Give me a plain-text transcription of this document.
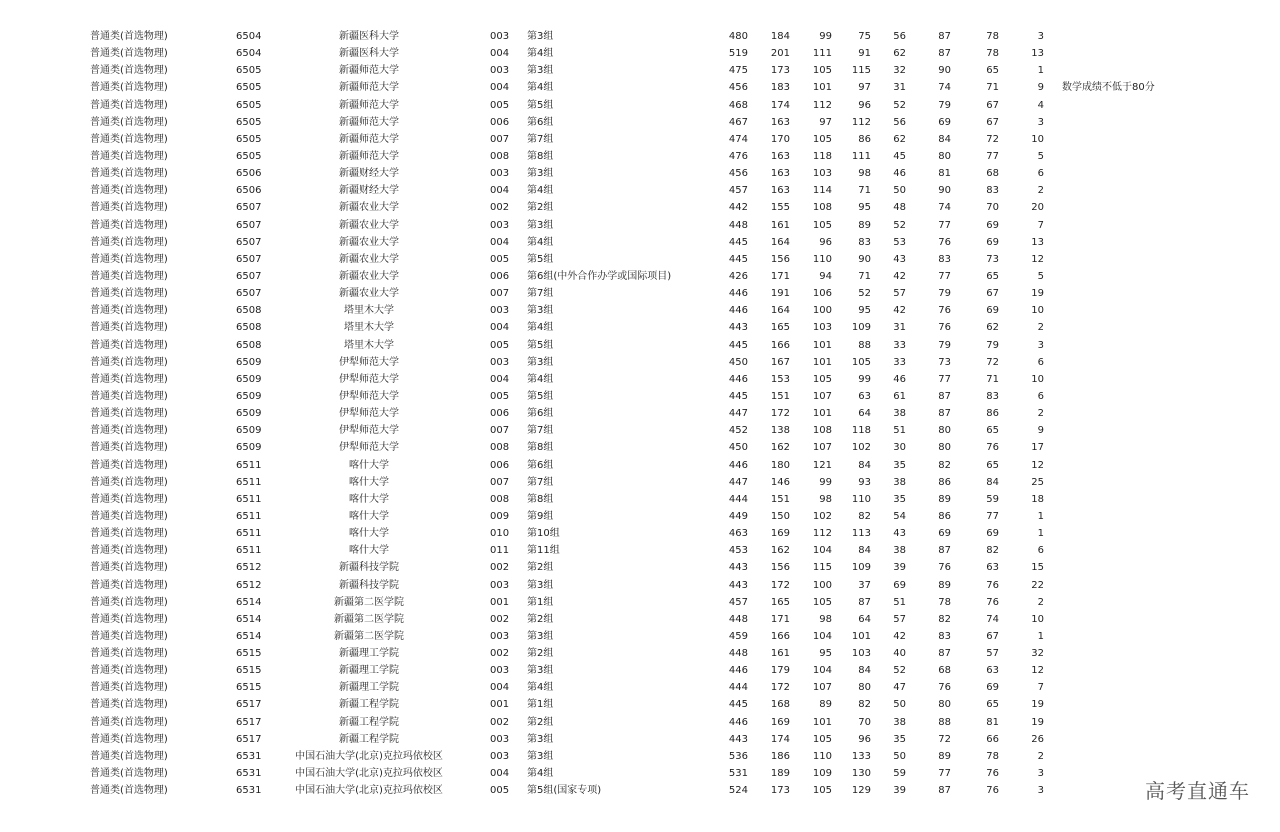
普通类(首选物理)	6504	新疆医科大学	003 第3组	480	184	99	75	56	87	78	3
普通类(首选物理)	6504	新疆医科大学	004 第4组	519	201	111	91	62	87	78	13
普通类(首选物理)	6505	新疆师范大学	003 第3组	475	173	105	115	32	90	65	1
普通类(首选物理)	6505	新疆师范大学	004 第4组	456	183	101	97	31	74	71	9 数学成绩不低于80分
普通类(首选物理)	6505	新疆师范大学	005 第5组	468	174	112	96	52	79	67	4
普通类(首选物理)	6505	新疆师范大学	006 第6组	467	163	97	112	56	69	67	3
普通类(首选物理)	6505	新疆师范大学	007 第7组	474	170	105	86	62	84	72	10
普通类(首选物理)	6505	新疆师范大学	008 第8组	476	163	118	111	45	80	77	5
普通类(首选物理)	6506	新疆财经大学	003 第3组	456	163	103	98	46	81	68	6
普通类(首选物理)	6506	新疆财经大学	004 第4组	457	163	114	71	50	90	83	2
普通类(首选物理)	6507	新疆农业大学	002 第2组	442	155	108	95	48	74	70	20
普通类(首选物理)	6507	新疆农业大学	003 第3组	448	161	105	89	52	77	69	7
普通类(首选物理)	6507	新疆农业大学	004 第4组	445	164	96	83	53	76	69	13
普通类(首选物理)	6507	新疆农业大学	005 第5组	445	156	110	90	43	83	73	12
普通类(首选物理)	6507	新疆农业大学	006 第6组(中外合作办学或国际项目)	426	171	94	71	42	77	65	5
普通类(首选物理)	6507	新疆农业大学	007 第7组	446	191	106	52	57	79	67	19
普通类(首选物理)	6508	塔里木大学	003 第3组	446	164	100	95	42	76	69	10
普通类(首选物理)	6508	塔里木大学	004 第4组	443	165	103	109	31	76	62	2
普通类(首选物理)	6508	塔里木大学	005 第5组	445	166	101	88	33	79	79	3
普通类(首选物理)	6509	伊犁师范大学	003 第3组	450	167	101	105	33	73	72	6
普通类(首选物理)	6509	伊犁师范大学	004 第4组	446	153	105	99	46	77	71	10
普通类(首选物理)	6509	伊犁师范大学	005 第5组	445	151	107	63	61	87	83	6
普通类(首选物理)	6509	伊犁师范大学	006 第6组	447	172	101	64	38	87	86	2
普通类(首选物理)	6509	伊犁师范大学	007 第7组	452	138	108	118	51	80	65	9
普通类(首选物理)	6509	伊犁师范大学	008 第8组	450	162	107	102	30	80	76	17
普通类(首选物理)	6511	喀什大学	006 第6组	446	180	121	84	35	82	65	12
普通类(首选物理)	6511	喀什大学	007 第7组	447	146	99	93	38	86	84	25
普通类(首选物理)	6511	喀什大学	008 第8组	444	151	98	110	35	89	59	18
普通类(首选物理)	6511	喀什大学	009 第9组	449	150	102	82	54	86	77	1
普通类(首选物理)	6511	喀什大学	010 第10组	463	169	112	113	43	69	69	1
普通类(首选物理)	6511	喀什大学	011 第11组	453	162	104	84	38	87	82	6
普通类(首选物理)	6512	新疆科技学院	002 第2组	443	156	115	109	39	76	63	15
普通类(首选物理)	6512	新疆科技学院	003 第3组	443	172	100	37	69	89	76	22
普通类(首选物理)	6514	新疆第二医学院	001 第1组	457	165	105	87	51	78	76	2
普通类(首选物理)	6514	新疆第二医学院	002 第2组	448	171	98	64	57	82	74	10
普通类(首选物理)	6514	新疆第二医学院	003 第3组	459	166	104	101	42	83	67	1
普通类(首选物理)	6515	新疆理工学院	002 第2组	448	161	95	103	40	87	57	32
普通类(首选物理)	6515	新疆理工学院	003 第3组	446	179	104	84	52	68	63	12
普通类(首选物理)	6515	新疆理工学院	004 第4组	444	172	107	80	47	76	69	7
普通类(首选物理)	6517	新疆工程学院	001 第1组	445	168	89	82	50	80	65	19
普通类(首选物理)	6517	新疆工程学院	002 第2组	446	169	101	70	38	88	81	19
普通类(首选物理)	6517	新疆工程学院	003 第3组	443	174	105	96	35	72	66	26
普通类(首选物理)	6531	中国石油大学(北京)克拉玛依校区	003 第3组	536	186	110	133	50	89	78	2
普通类(首选物理)	6531	中国石油大学(北京)克拉玛依校区	004 第4组	531	189	109	130	59	77	76	3
普通类(首选物理)	6531	中国石油大学(北京)克拉玛依校区	005 第5组(国家专项)	524	173	105	129	39	87	76	3	高考直通车
